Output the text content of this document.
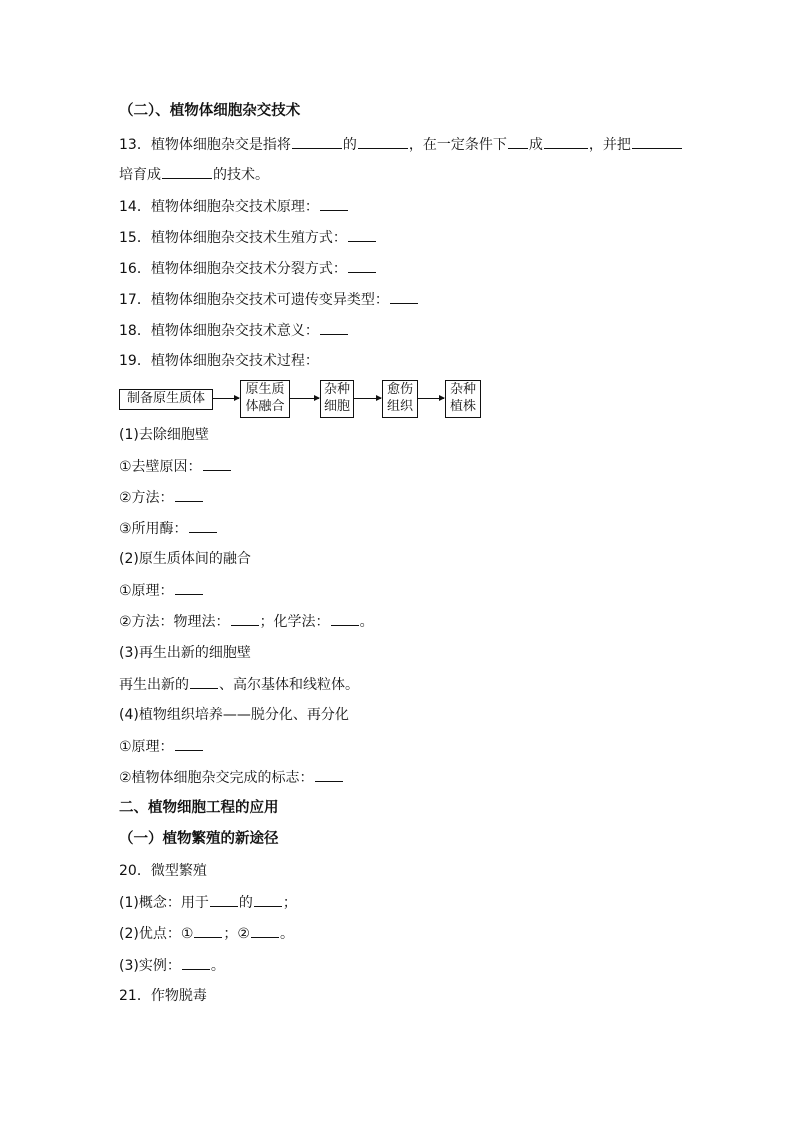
（二）、植物体细胞杂交技术
13．植物体细胞杂交是指将	的	，在一定条件下 成	，并把
培育成	的技术。
14．植物体细胞杂交技术原理：
15．植物体细胞杂交技术生殖方式：
16．植物体细胞杂交技术分裂方式：
17．植物体细胞杂交技术可遗传变异类型：
18．植物体细胞杂交技术意义：
19．植物体细胞杂交技术过程：
制备原生质体
原生质
体融合
杂种
细胞
愈伤
组织
杂种
植株
(1)去除细胞壁
①去壁原因：
②方法：
③所用酶：
(2)原生质体间的融合
①原理：
②方法：物理法： ；化学法： 。
(3)再生出新的细胞壁
再生出新的 、高尔基体和线粒体。
(4)植物组织培养——脱分化、再分化
①原理：
②植物体细胞杂交完成的标志：
二、植物细胞工程的应用
（一）植物繁殖的新途径
20．微型繁殖
(1)概念：用于 的 ；
(2)优点：① ；② 。
(3)实例： 。
21．作物脱毒
